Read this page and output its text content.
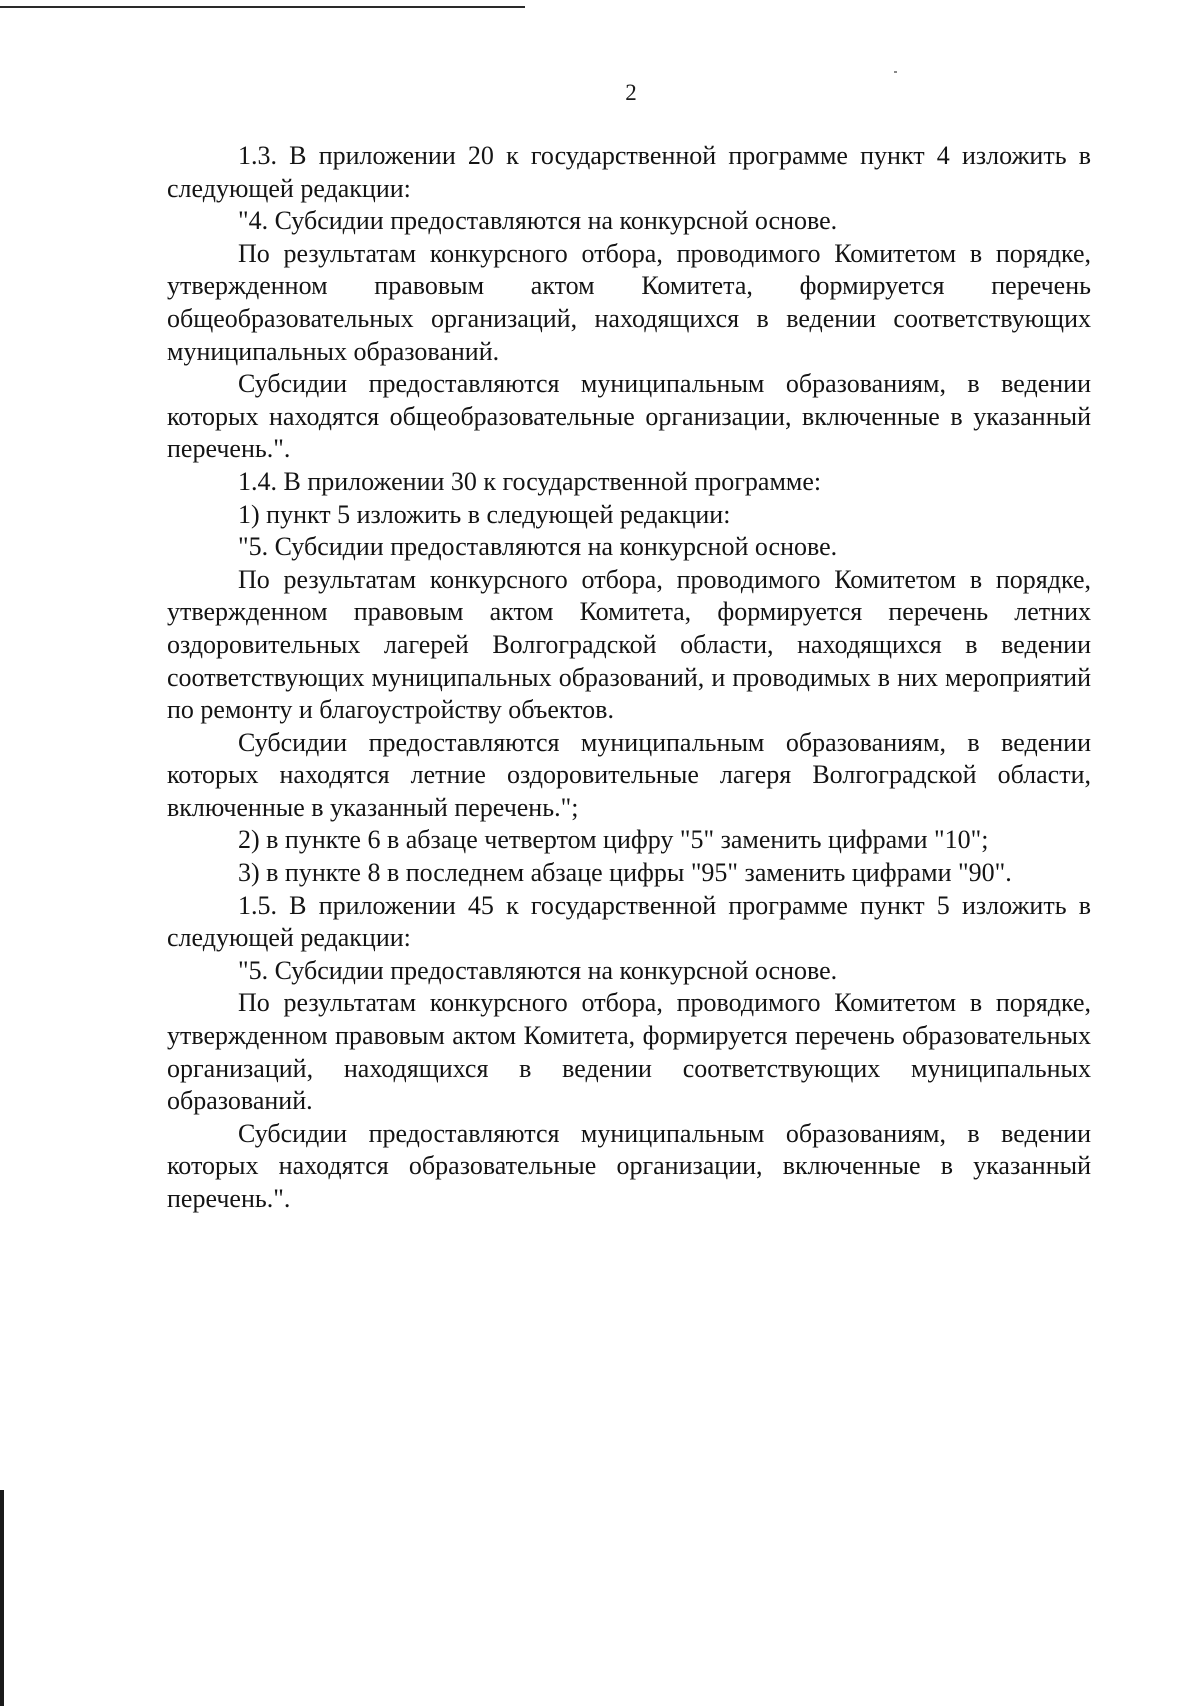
2

1.3. В приложении 20 к государственной программе пункт 4 изложить в следующей редакции:

"4. Субсидии предоставляются на конкурсной основе.

По результатам конкурсного отбора, проводимого Комитетом в порядке, утвержденном правовым актом Комитета, формируется перечень общеобразовательных организаций, находящихся в ведении соответствующих муниципальных образований.

Субсидии предоставляются муниципальным образованиям, в ведении которых находятся общеобразовательные организации, включенные в указанный перечень.".

1.4. В приложении 30 к государственной программе:

1) пункт 5 изложить в следующей редакции:

"5. Субсидии предоставляются на конкурсной основе.

По результатам конкурсного отбора, проводимого Комитетом в порядке, утвержденном правовым актом Комитета, формируется перечень летних оздоровительных лагерей Волгоградской области, находящихся в ведении соответствующих муниципальных образований, и проводимых в них мероприятий по ремонту и благоустройству объектов.

Субсидии предоставляются муниципальным образованиям, в ведении которых находятся летние оздоровительные лагеря Волгоградской области, включенные в указанный перечень.";

2) в пункте 6 в абзаце четвертом цифру "5" заменить цифрами "10";

3) в пункте 8 в последнем абзаце цифры "95" заменить цифрами "90".

1.5. В приложении 45 к государственной программе пункт 5 изложить в следующей редакции:

"5. Субсидии предоставляются на конкурсной основе.

По результатам конкурсного отбора, проводимого Комитетом в порядке, утвержденном правовым актом Комитета, формируется перечень образовательных организаций, находящихся в ведении соответствующих муниципальных образований.

Субсидии предоставляются муниципальным образованиям, в ведении которых находятся образовательные организации, включенные в указанный перечень.".
